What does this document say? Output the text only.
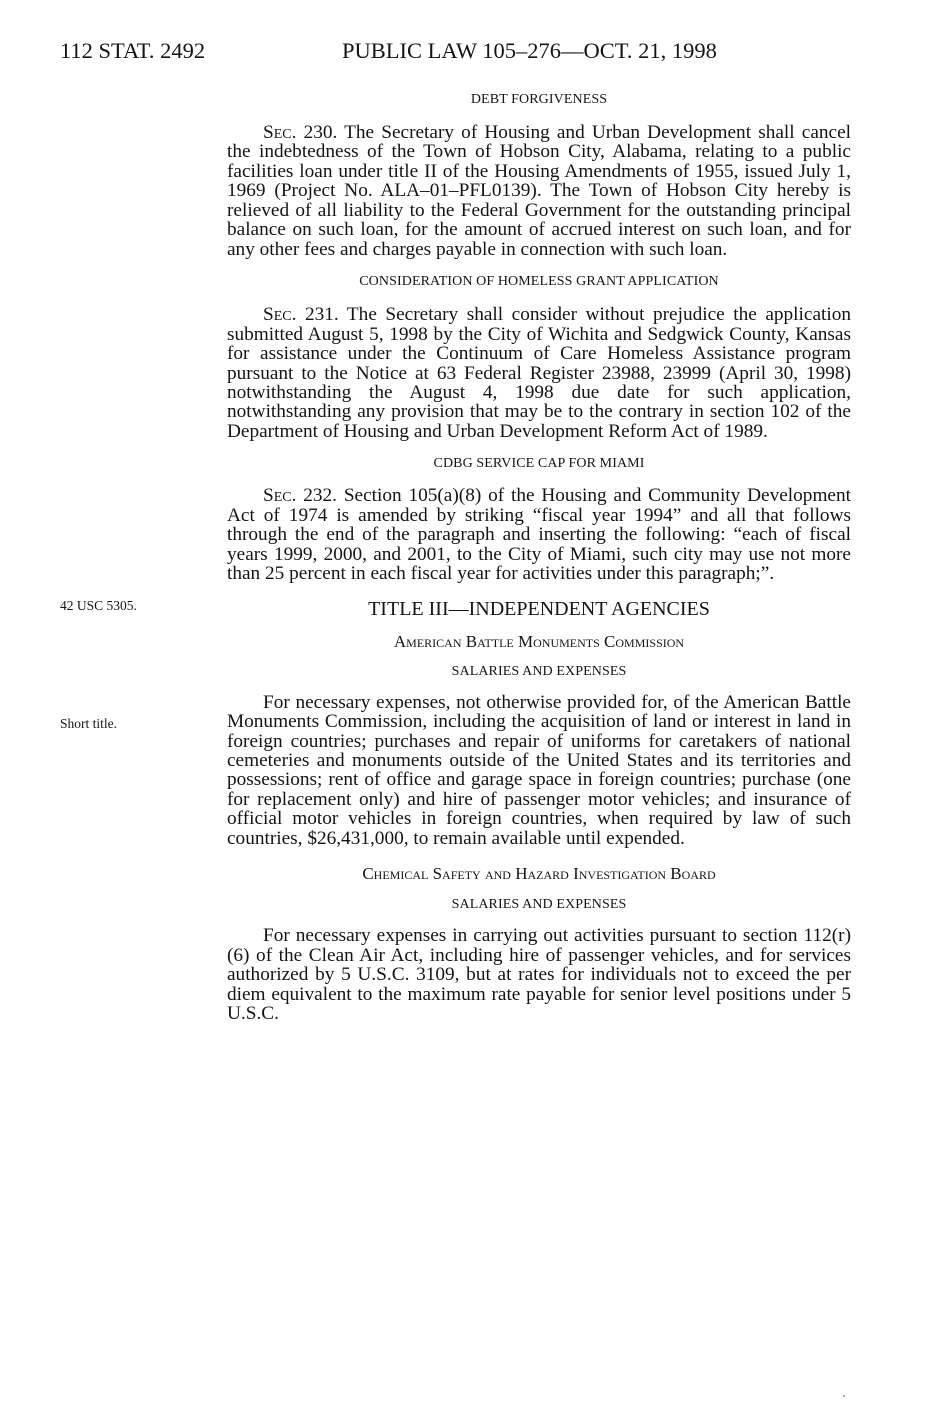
112 STAT. 2492	PUBLIC LAW 105–276—OCT. 21, 1998
42 USC 5305.
Short title.

DEBT FORGIVENESS

Sec. 230. The Secretary of Housing and Urban Development shall cancel the indebtedness of the Town of Hobson City, Alabama, relating to a public facilities loan under title II of the Housing Amendments of 1955, issued July 1, 1969 (Project No. ALA–01–PFL0139). The Town of Hobson City hereby is relieved of all liability to the Federal Government for the outstanding principal balance on such loan, for the amount of accrued interest on such loan, and for any other fees and charges payable in connection with such loan.

CONSIDERATION OF HOMELESS GRANT APPLICATION

Sec. 231. The Secretary shall consider without prejudice the application submitted August 5, 1998 by the City of Wichita and Sedgwick County, Kansas for assistance under the Continuum of Care Homeless Assistance program pursuant to the Notice at 63 Federal Register 23988, 23999 (April 30, 1998) notwithstanding the August 4, 1998 due date for such application, notwithstanding any provision that may be to the contrary in section 102 of the Department of Housing and Urban Development Reform Act of 1989.

CDBG SERVICE CAP FOR MIAMI

Sec. 232. Section 105(a)(8) of the Housing and Community Development Act of 1974 is amended by striking “fiscal year 1994” and all that follows through the end of the paragraph and inserting the following: “each of fiscal years 1999, 2000, and 2001, to the City of Miami, such city may use not more than 25 percent in each fiscal year for activities under this paragraph;”.

TITLE III—INDEPENDENT AGENCIES

American Battle Monuments Commission

SALARIES AND EXPENSES

For necessary expenses, not otherwise provided for, of the American Battle Monuments Commission, including the acquisition of land or interest in land in foreign countries; purchases and repair of uniforms for caretakers of national cemeteries and monuments outside of the United States and its territories and possessions; rent of office and garage space in foreign countries; purchase (one for replacement only) and hire of passenger motor vehicles; and insurance of official motor vehicles in foreign countries, when required by law of such countries, $26,431,000, to remain available until expended.

Chemical Safety and Hazard Investigation Board

SALARIES AND EXPENSES

For necessary expenses in carrying out activities pursuant to section 112(r)(6) of the Clean Air Act, including hire of passenger vehicles, and for services authorized by 5 U.S.C. 3109, but at rates for individuals not to exceed the per diem equivalent to the maximum rate payable for senior level positions under 5 U.S.C.
